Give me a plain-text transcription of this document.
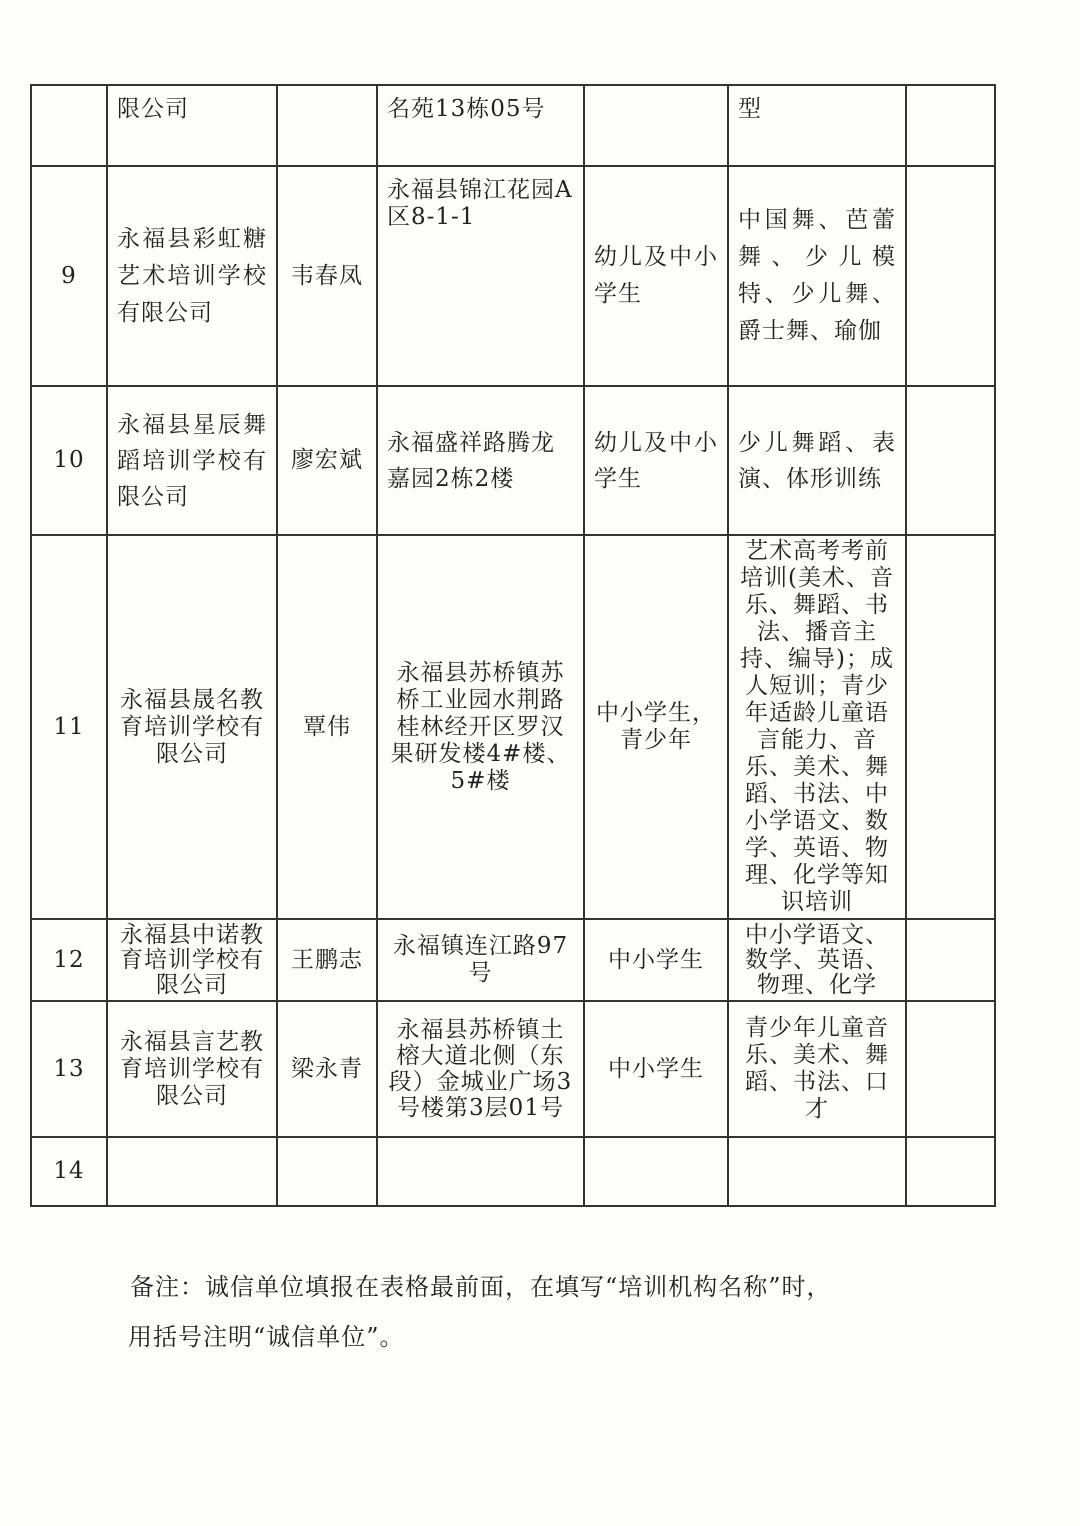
	限公司		名苑13栋05号		型	
9	永福县彩虹糖艺术培训学校有限公司	韦春凤	永福县锦江花园A区8-1-1	幼儿及中小学生	中国舞、芭蕾舞、少儿模特、少儿舞、爵士舞、瑜伽	
10	永福县星辰舞蹈培训学校有限公司	廖宏斌	永福盛祥路腾龙嘉园2栋2楼	幼儿及中小学生	少儿舞蹈、表演、体形训练	
11	永福县晟名教育培训学校有限公司	覃伟	永福县苏桥镇苏桥工业园水荆路桂林经开区罗汉果研发楼4#楼、5#楼	中小学生，青少年	艺术高考考前培训(美术、音乐、舞蹈、书法、播音主持、编导)；成人短训；青少年适龄儿童语言能力、音乐、美术、舞蹈、书法、中小学语文、数学、英语、物理、化学等知识培训	
12	永福县中诺教育培训学校有限公司	王鹏志	永福镇连江路97号	中小学生	中小学语文、数学、英语、物理、化学	
13	永福县言艺教育培训学校有限公司	梁永青	永福县苏桥镇土榕大道北侧（东段）金城业广场3号楼第3层01号	中小学生	青少年儿童音乐、美术、舞蹈、书法、口才	
14						
备注：诚信单位填报在表格最前面，在填写“培训机构名称”时，

用括号注明“诚信单位”。
